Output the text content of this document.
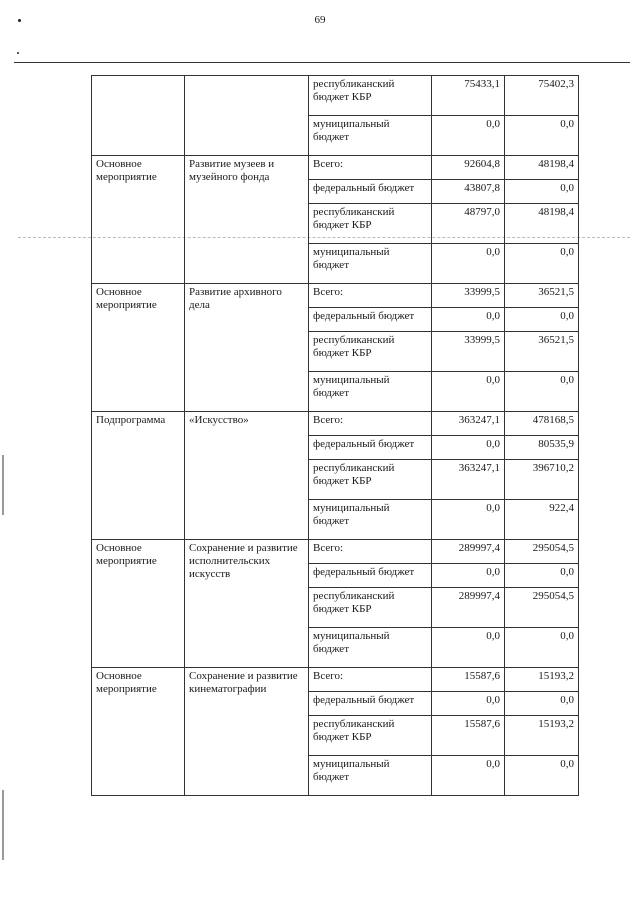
69
		республиканский бюджет КБР	75433,1	75402,3
		муниципальный бюджет	0,0	0,0
Основное мероприятие	Развитие музеев и музейного фонда	Всего:	92604,8	48198,4
		федеральный бюджет	43807,8	0,0
		республиканский бюджет КБР	48797,0	48198,4
		муниципальный бюджет	0,0	0,0
Основное мероприятие	Развитие архивного дела	Всего:	33999,5	36521,5
		федеральный бюджет	0,0	0,0
		республиканский бюджет КБР	33999,5	36521,5
		муниципальный бюджет	0,0	0,0
Подпрограмма	«Искусство»	Всего:	363247,1	478168,5
		федеральный бюджет	0,0	80535,9
		республиканский бюджет КБР	363247,1	396710,2
		муниципальный бюджет	0,0	922,4
Основное мероприятие	Сохранение и развитие исполнительских искусств	Всего:	289997,4	295054,5
		федеральный бюджет	0,0	0,0
		республиканский бюджет КБР	289997,4	295054,5
		муниципальный бюджет	0,0	0,0
Основное мероприятие	Сохранение и развитие кинематографии	Всего:	15587,6	15193,2
		федеральный бюджет	0,0	0,0
		республиканский бюджет КБР	15587,6	15193,2
		муниципальный бюджет	0,0	0,0
